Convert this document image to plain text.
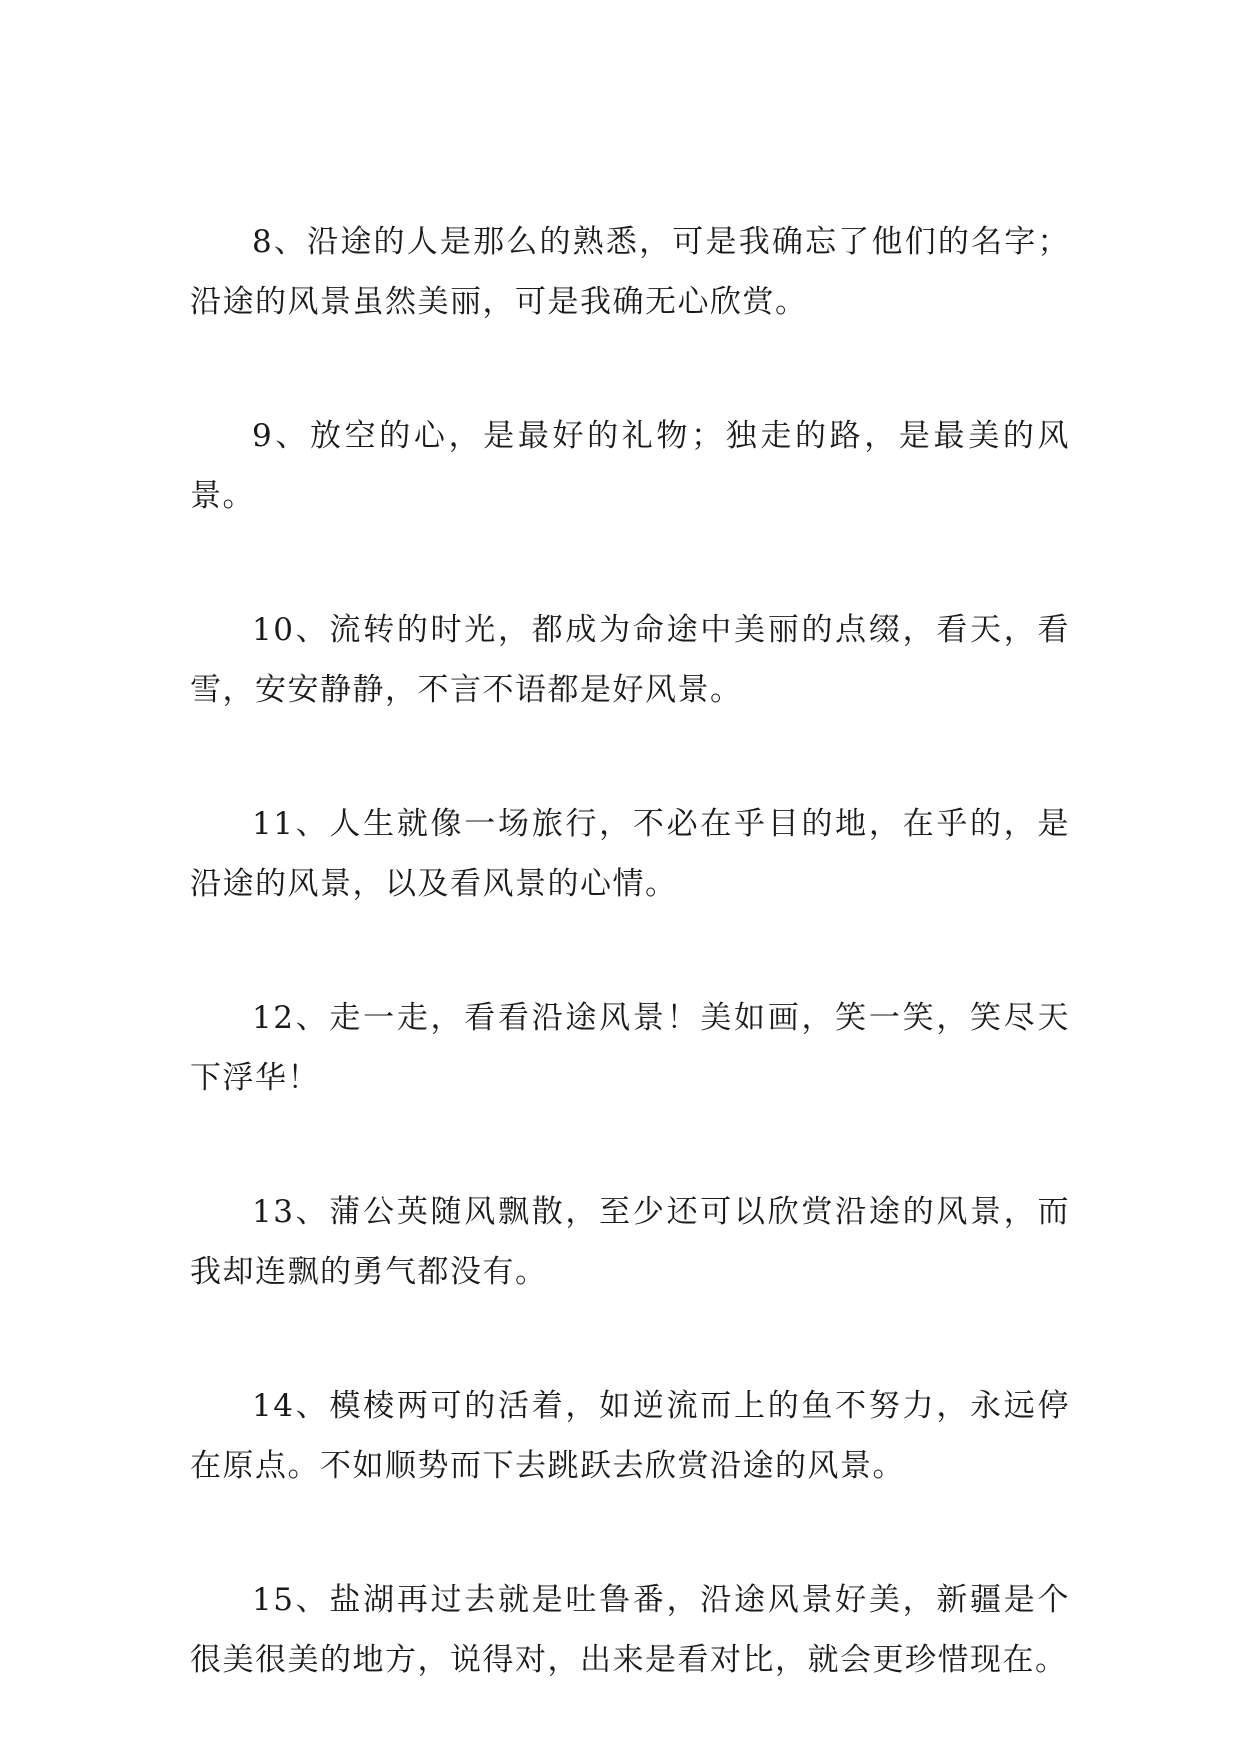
8、沿途的人是那么的熟悉，可是我确忘了他们的名字；沿途的风景虽然美丽，可是我确无心欣赏。

9、放空的心，是最好的礼物；独走的路，是最美的风景。

10、流转的时光，都成为命途中美丽的点缀，看天，看雪，安安静静，不言不语都是好风景。

11、人生就像一场旅行，不必在乎目的地，在乎的，是沿途的风景，以及看风景的心情。

12、走一走，看看沿途风景！美如画，笑一笑，笑尽天下浮华！

13、蒲公英随风飘散，至少还可以欣赏沿途的风景，而我却连飘的勇气都没有。

14、模棱两可的活着，如逆流而上的鱼不努力，永远停在原点。不如顺势而下去跳跃去欣赏沿途的风景。

15、盐湖再过去就是吐鲁番，沿途风景好美，新疆是个很美很美的地方，说得对，出来是看对比，就会更珍惜现在。
